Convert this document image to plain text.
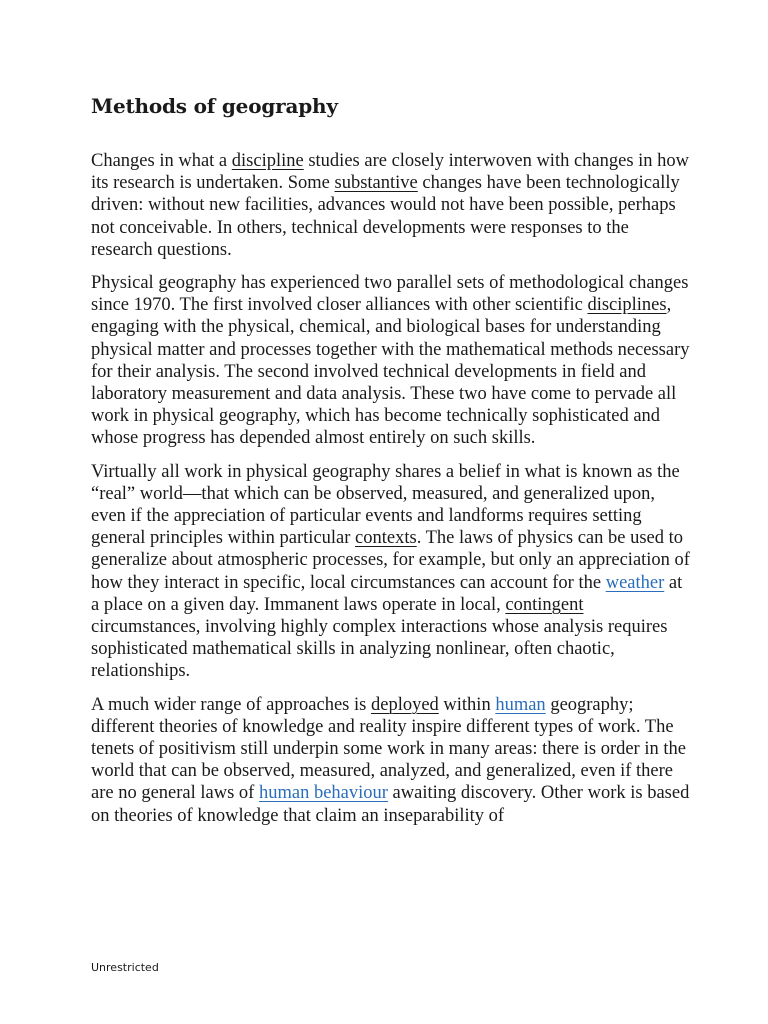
Methods of geography

Changes in what a discipline studies are closely interwoven with changes in how its research is undertaken. Some substantive changes have been technologically driven: without new facilities, advances would not have been possible, perhaps not conceivable. In others, technical developments were responses to the research questions.

Physical geography has experienced two parallel sets of methodological changes since 1970. The first involved closer alliances with other scientific disciplines, engaging with the physical, chemical, and biological bases for understanding physical matter and processes together with the mathematical methods necessary for their analysis. The second involved technical developments in field and laboratory measurement and data analysis. These two have come to pervade all work in physical geography, which has become technically sophisticated and whose progress has depended almost entirely on such skills.

Virtually all work in physical geography shares a belief in what is known as the “real” world—that which can be observed, measured, and generalized upon, even if the appreciation of particular events and landforms requires setting general principles within particular contexts. The laws of physics can be used to generalize about atmospheric processes, for example, but only an appreciation of how they interact in specific, local circumstances can account for the weather at a place on a given day. Immanent laws operate in local, contingent circumstances, involving highly complex interactions whose analysis requires sophisticated mathematical skills in analyzing nonlinear, often chaotic, relationships.

A much wider range of approaches is deployed within human geography; different theories of knowledge and reality inspire different types of work. The tenets of positivism still underpin some work in many areas: there is order in the world that can be observed, measured, analyzed, and generalized, even if there are no general laws of human behaviour awaiting discovery. Other work is based on theories of knowledge that claim an inseparability of

Unrestricted
